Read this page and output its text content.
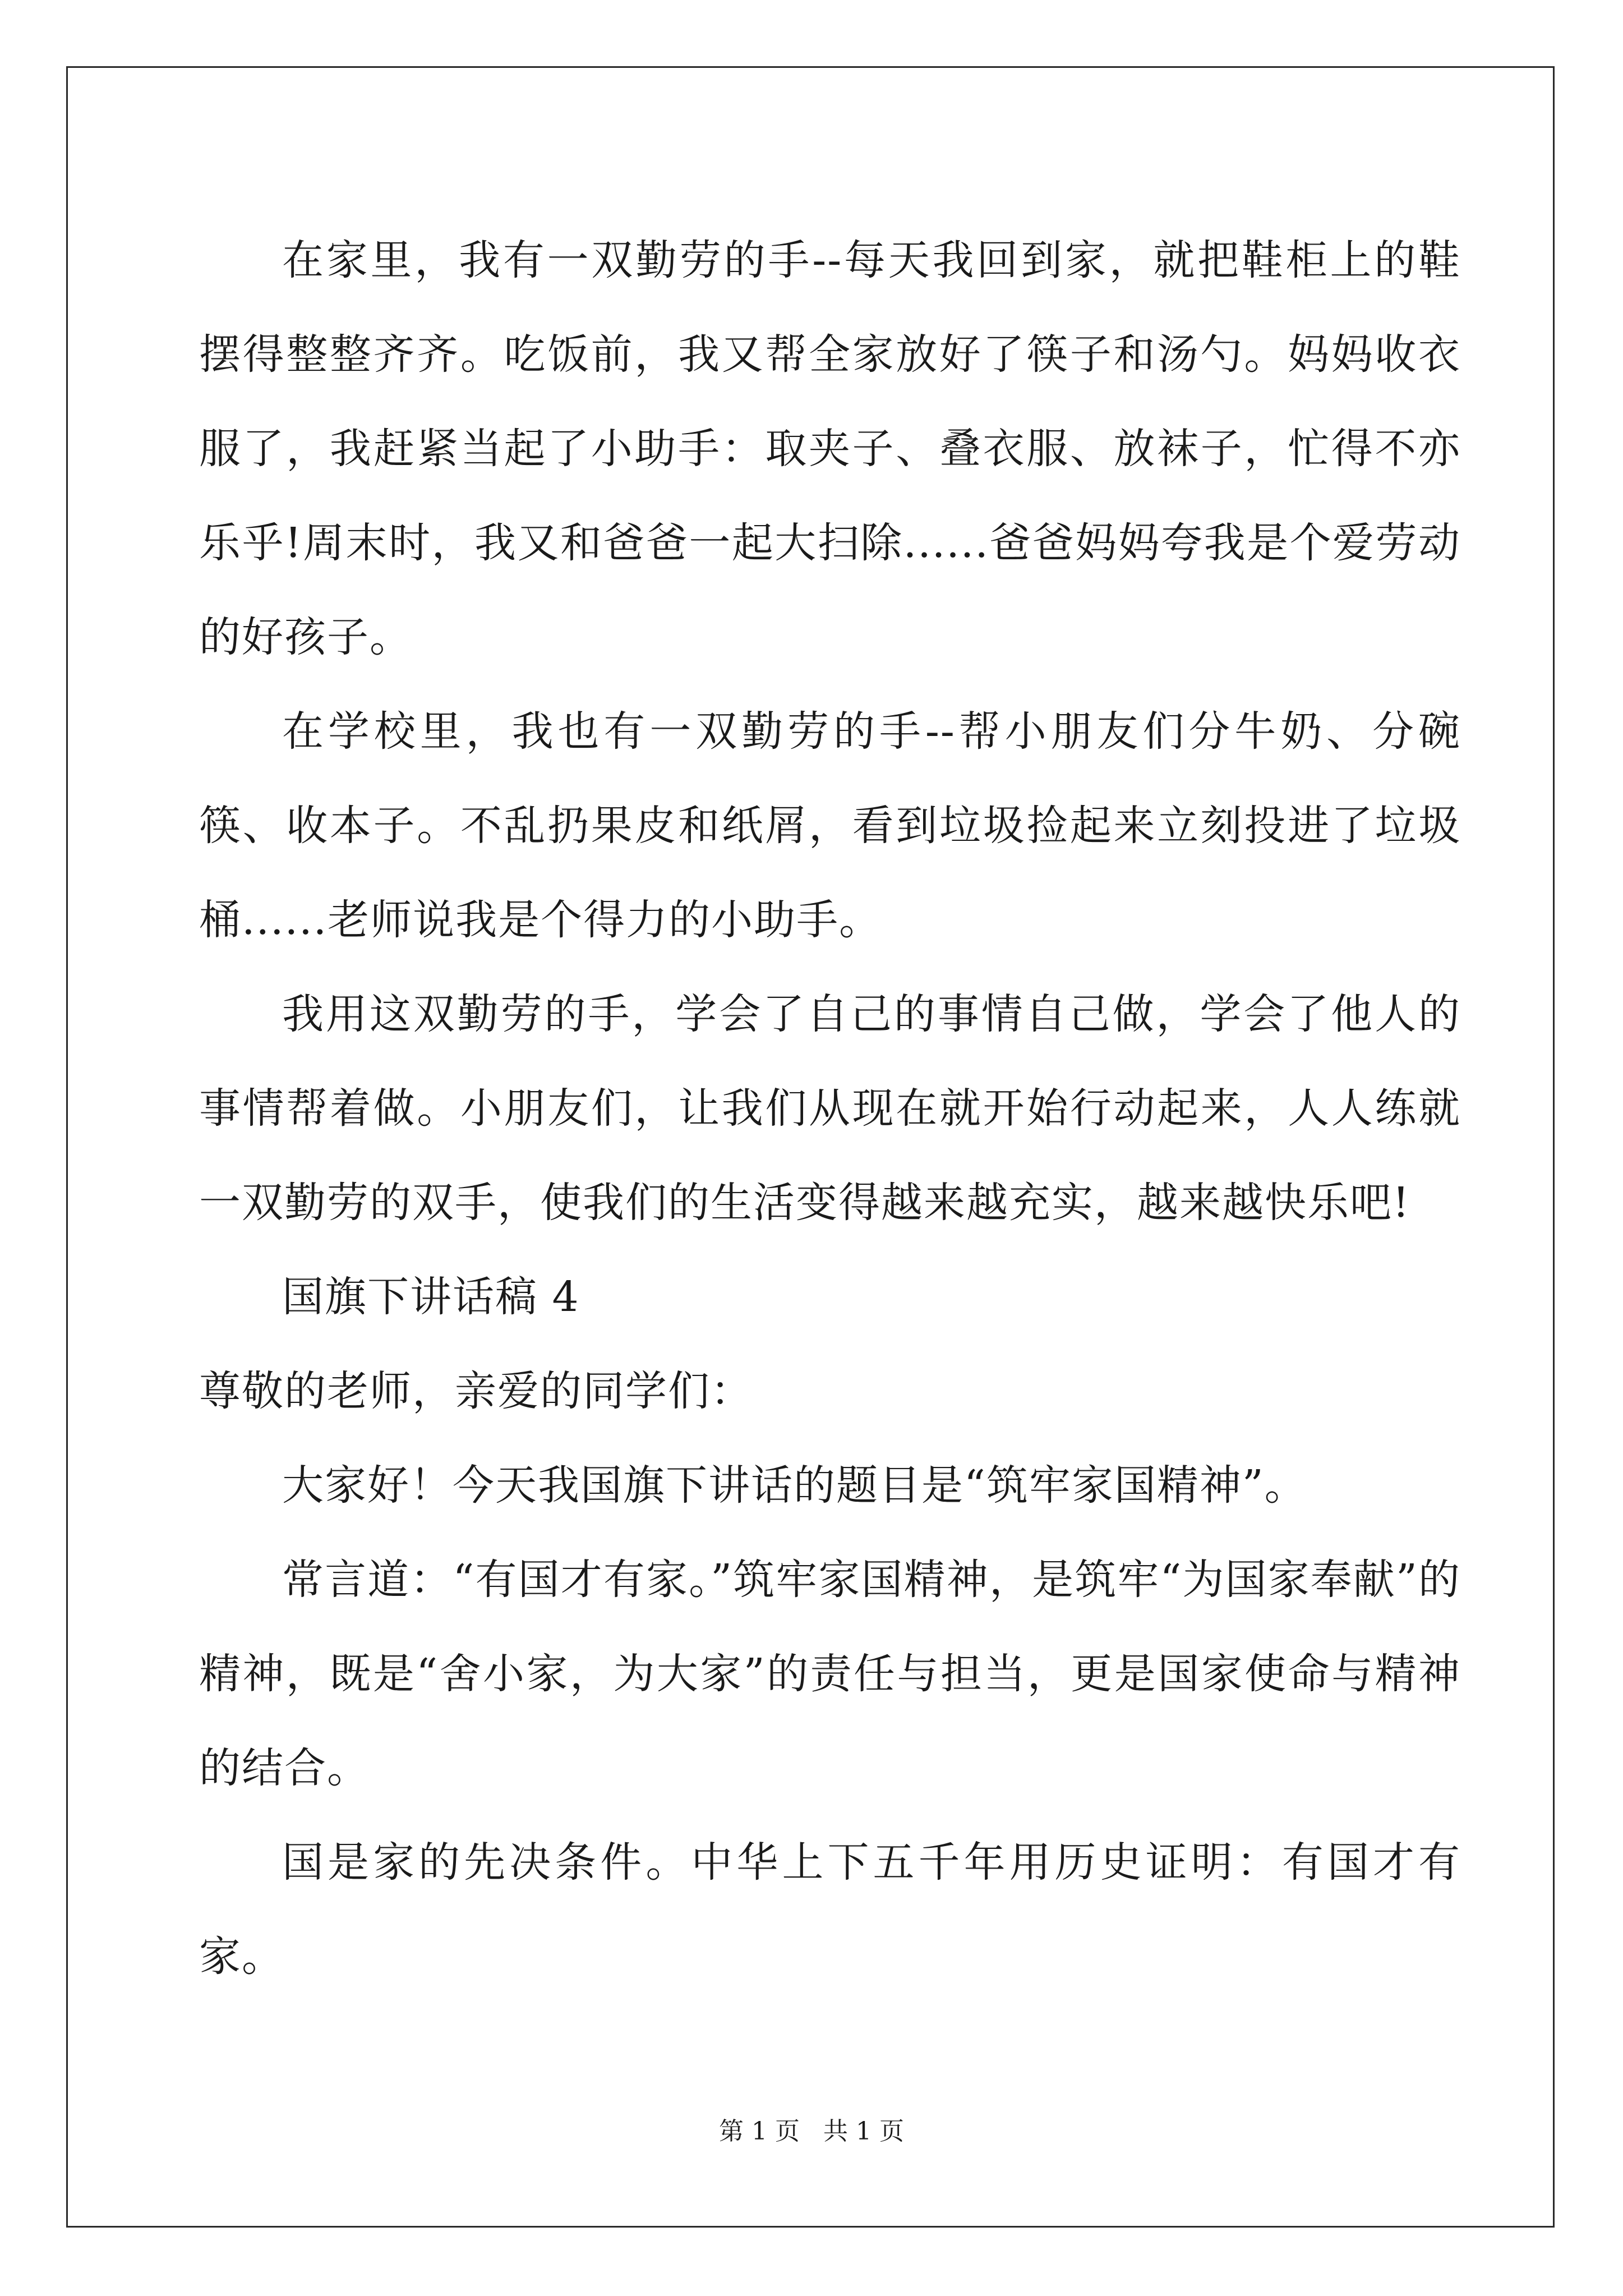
在家里，我有一双勤劳的手--每天我回到家，就把鞋柜上的鞋摆得整整齐齐。吃饭前，我又帮全家放好了筷子和汤勺。妈妈收衣服了，我赶紧当起了小助手：取夹子、叠衣服、放袜子，忙得不亦乐乎!周末时，我又和爸爸一起大扫除......爸爸妈妈夸我是个爱劳动的好孩子。

在学校里，我也有一双勤劳的手--帮小朋友们分牛奶、分碗筷、收本子。不乱扔果皮和纸屑，看到垃圾捡起来立刻投进了垃圾桶......老师说我是个得力的小助手。

我用这双勤劳的手，学会了自己的事情自己做，学会了他人的事情帮着做。小朋友们，让我们从现在就开始行动起来，人人练就一双勤劳的双手，使我们的生活变得越来越充实，越来越快乐吧!

国旗下讲话稿 4

尊敬的老师，亲爱的同学们：

大家好！今天我国旗下讲话的题目是“筑牢家国精神”。

常言道：“有国才有家。”筑牢家国精神，是筑牢“为国家奉献”的精神，既是“舍小家，为大家”的责任与担当，更是国家使命与精神的结合。

国是家的先决条件。中华上下五千年用历史证明：有国才有家。

第 1 页 共 1 页
